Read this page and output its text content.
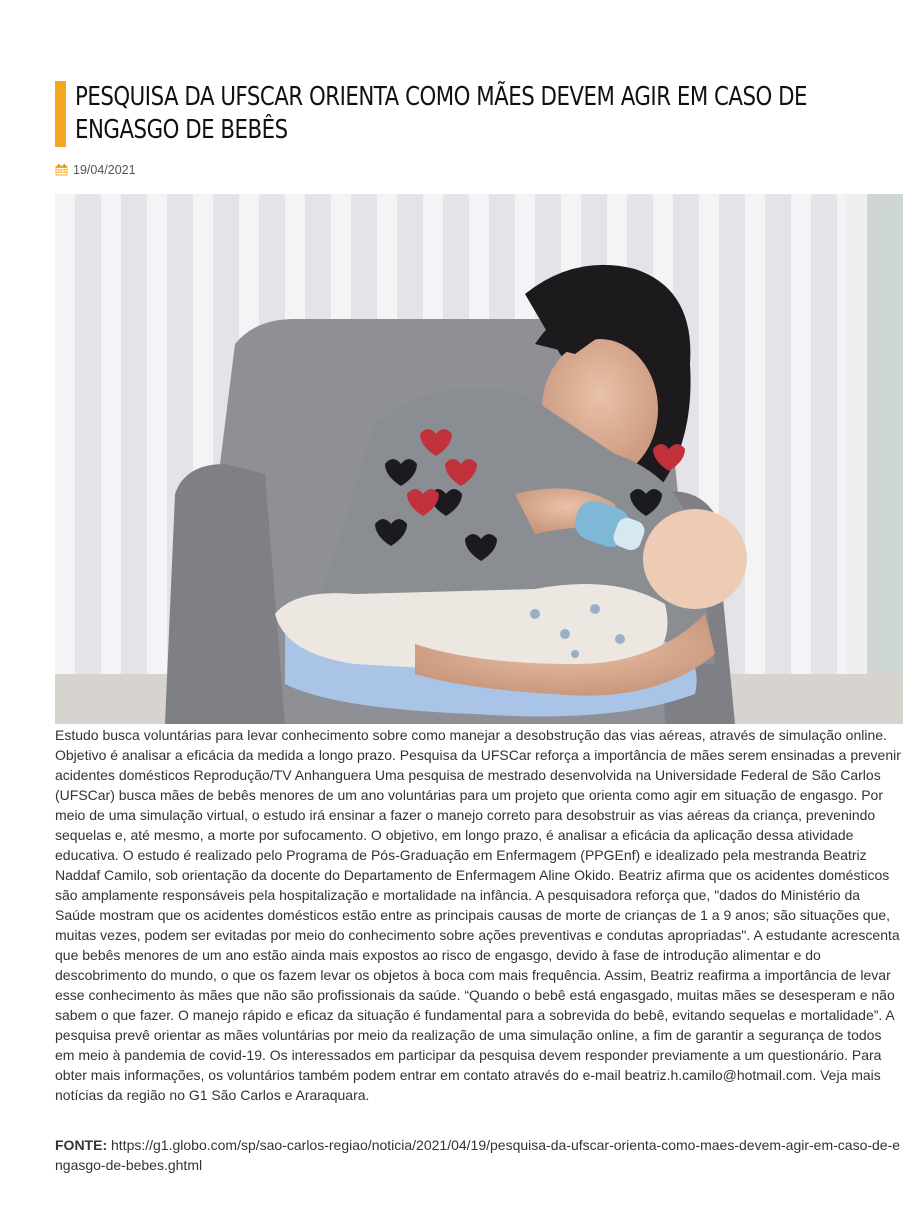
PESQUISA DA UFSCAR ORIENTA COMO MÃES DEVEM AGIR EM CASO DE ENGASGO DE BEBÊS
19/04/2021

Estudo busca voluntárias para levar conhecimento sobre como manejar a desobstrução das vias aéreas, através de simulação online. Objetivo é analisar a eficácia da medida a longo prazo. Pesquisa da UFSCar reforça a importância de mães serem ensinadas a prevenir acidentes domésticos Reprodução/TV Anhanguera Uma pesquisa de mestrado desenvolvida na Universidade Federal de São Carlos (UFSCar) busca mães de bebês menores de um ano voluntárias para um projeto que orienta como agir em situação de engasgo. Por meio de uma simulação virtual, o estudo irá ensinar a fazer o manejo correto para desobstruir as vias aéreas da criança, prevenindo sequelas e, até mesmo, a morte por sufocamento. O objetivo, em longo prazo, é analisar a eficácia da aplicação dessa atividade educativa. O estudo é realizado pelo Programa de Pós-Graduação em Enfermagem (PPGEnf) e idealizado pela mestranda Beatriz Naddaf Camilo, sob orientação da docente do Departamento de Enfermagem Aline Okido. Beatriz afirma que os acidentes domésticos são amplamente responsáveis pela hospitalização e mortalidade na infância. A pesquisadora reforça que, "dados do Ministério da Saúde mostram que os acidentes domésticos estão entre as principais causas de morte de crianças de 1 a 9 anos; são situações que, muitas vezes, podem ser evitadas por meio do conhecimento sobre ações preventivas e condutas apropriadas". A estudante acrescenta que bebês menores de um ano estão ainda mais expostos ao risco de engasgo, devido à fase de introdução alimentar e do descobrimento do mundo, o que os fazem levar os objetos à boca com mais frequência. Assim, Beatriz reafirma a importância de levar esse conhecimento às mães que não são profissionais da saúde. “Quando o bebê está engasgado, muitas mães se desesperam e não sabem o que fazer. O manejo rápido e eficaz da situação é fundamental para a sobrevida do bebê, evitando sequelas e mortalidade”. A pesquisa prevê orientar as mães voluntárias por meio da realização de uma simulação online, a fim de garantir a segurança de todos em meio à pandemia de covid-19. Os interessados em participar da pesquisa devem responder previamente a um questionário. Para obter mais informações, os voluntários também podem entrar em contato através do e-mail beatriz.h.camilo@hotmail.com. Veja mais notícias da região no G1 São Carlos e Araraquara.

FONTE: https://g1.globo.com/sp/sao-carlos-regiao/noticia/2021/04/19/pesquisa-da-ufscar-orienta-como-maes-devem-agir-em-caso-de-engasgo-de-bebes.ghtml
